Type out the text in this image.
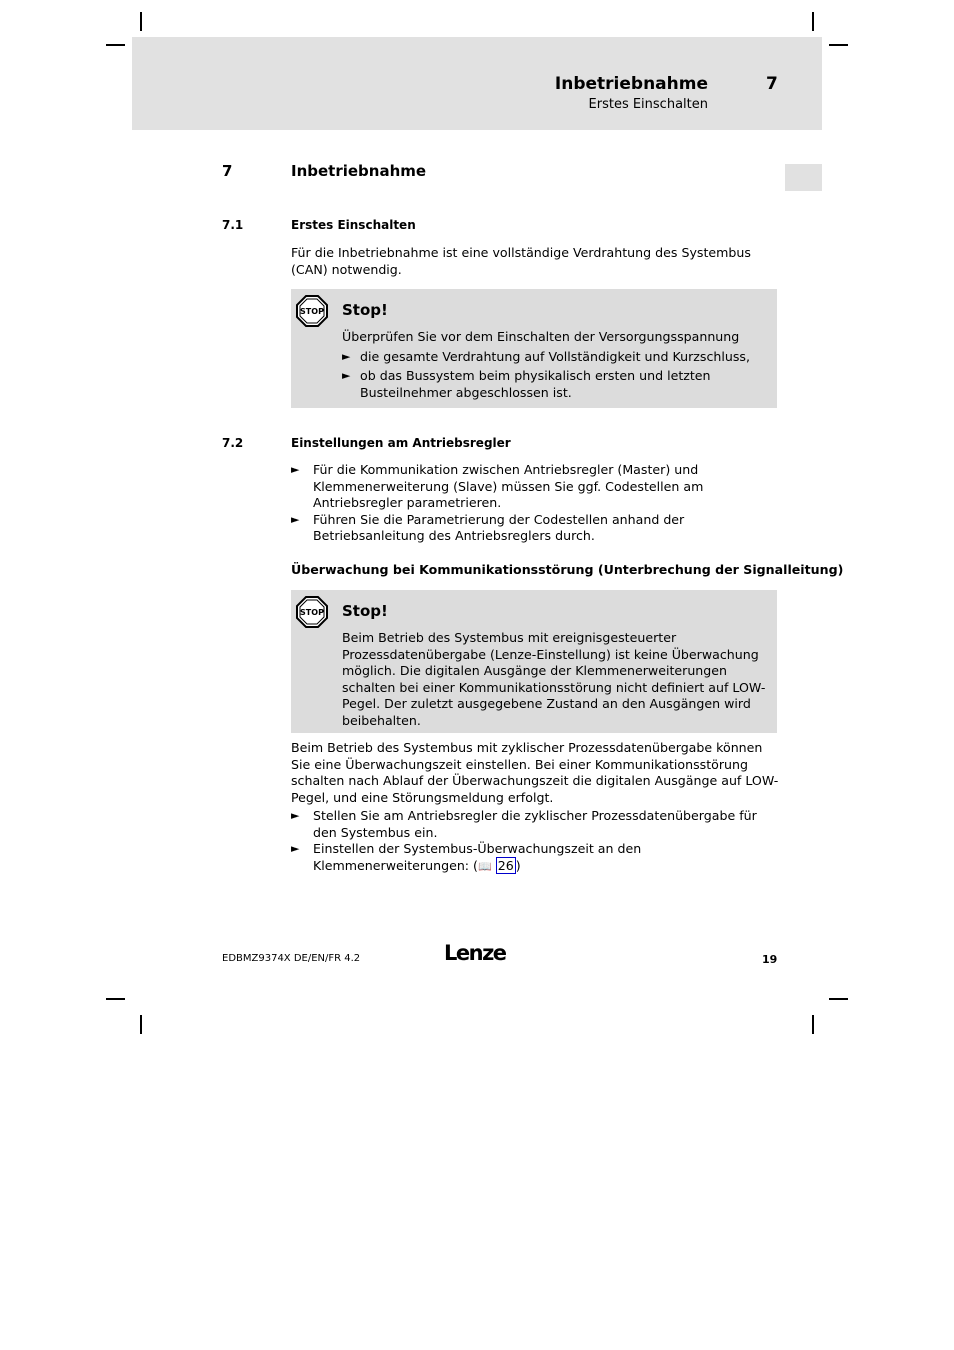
Inbetriebnahme	7
Erstes Einschalten
7	Inbetriebnahme
7.1	Erstes Einschalten
Für die Inbetriebnahme ist eine vollständige Verdrahtung des Systembus (CAN) notwendig.
STOP Stop!
Überprüfen Sie vor dem Einschalten der Versorgungsspannung
► die gesamte Verdrahtung auf Vollständigkeit und Kurzschluss,
► ob das Bussystem beim physikalisch ersten und letzten Busteilnehmer abgeschlossen ist.
7.2	Einstellungen am Antriebsregler
► Für die Kommunikation zwischen Antriebsregler (Master) und Klemmenerweiterung (Slave) müssen Sie ggf. Codestellen am Antriebsregler parametrieren.
► Führen Sie die Parametrierung der Codestellen anhand der Betriebsanleitung des Antriebsreglers durch.
Überwachung bei Kommunikationsstörung (Unterbrechung der Signalleitung)
STOP Stop!
Beim Betrieb des Systembus mit ereignisgesteuerter Prozessdatenübergabe (Lenze-Einstellung) ist keine Überwachung möglich. Die digitalen Ausgänge der Klemmenerweiterungen schalten bei einer Kommunikationsstörung nicht definiert auf LOW-Pegel. Der zuletzt ausgegebene Zustand an den Ausgängen wird beibehalten.
Beim Betrieb des Systembus mit zyklischer Prozessdatenübergabe können Sie eine Überwachungszeit einstellen. Bei einer Kommunikationsstörung schalten nach Ablauf der Überwachungszeit die digitalen Ausgänge auf LOW-Pegel, und eine Störungsmeldung erfolgt.
► Stellen Sie am Antriebsregler die zyklischer Prozessdatenübergabe für den Systembus ein.
► Einstellen der Systembus-Überwachungszeit an den Klemmenerweiterungen: (📖 26 )
EDBMZ9374X DE/EN/FR 4.2	Lenze	19
